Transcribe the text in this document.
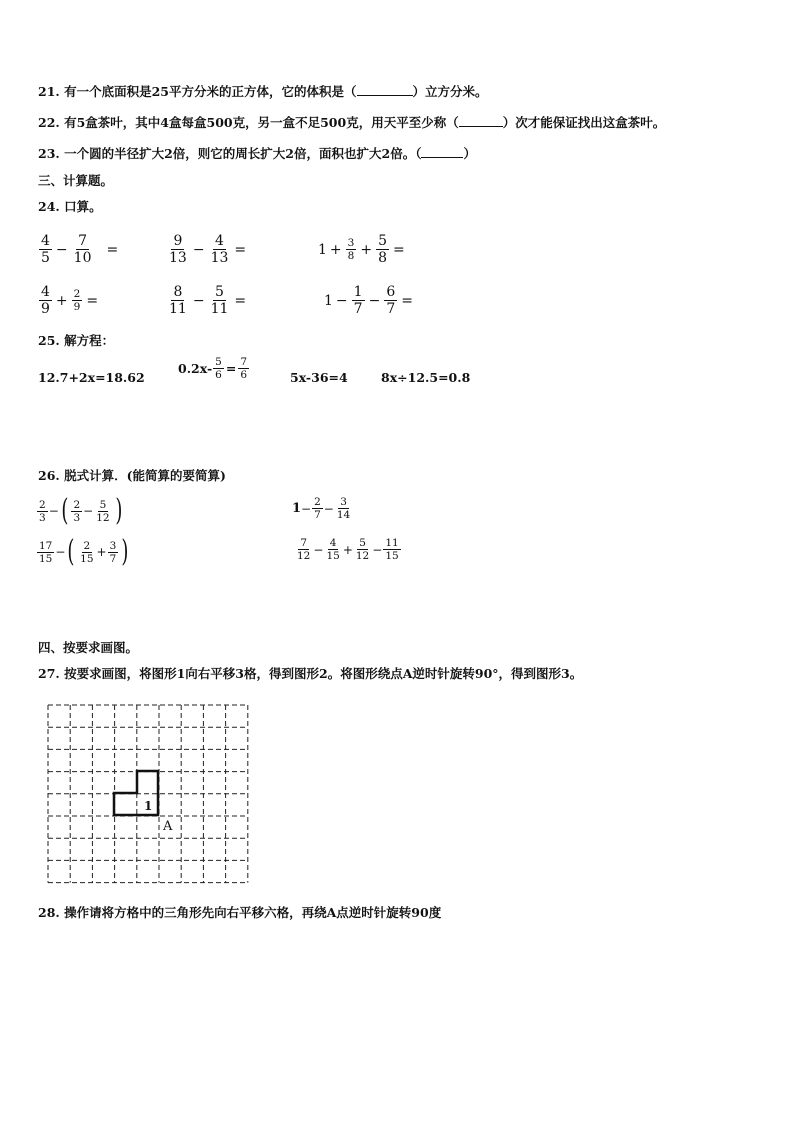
21. 有一个底面积是25平方分米的正方体，它的体积是（	）立方分米。
22. 有5盒茶叶，其中4盒每盒500克，另一盒不足500克，用天平至少称（	）次才能保证找出这盒茶叶。
23. 一个圆的半径扩大2倍，则它的周长扩大2倍，面积也扩大2倍。（	）
三、计算题。
24. 口算。
$\frac{4}{5} - \frac{7}{10}$ =	$\frac{9}{13} - \frac{4}{13}$ =	$1 + \frac{3}{8} + \frac{5}{8}$ =
$\frac{4}{9} + \frac{2}{9}$ =	$\frac{8}{11} - \frac{5}{11}$ =	$1 - \frac{1}{7} - \frac{6}{7}$ =
25. 解方程：
12.7+2x=18.62
$0.2x- \frac{5}{6} = \frac{7}{6}$	5x-36=4	8x÷12.5=0.8
26. 脱式计算．(能简算的要简算)
$\frac{2}{3}$ − ( $\frac{2}{3} - \frac{5}{12}$ )	$1 - \frac{2}{7} - \frac{3}{14}$
$\frac{17}{15}$ − ( $\frac{2}{15} + \frac{3}{7}$ )	$\frac{7}{12} - \frac{4}{15} + \frac{5}{12} - \frac{11}{15}$
四、按要求画图。
27. 按要求画图，将图形1向右平移3格，得到图形2。将图形绕点A逆时针旋转90°，得到图形3。
1
A
28. 操作请将方格中的三角形先向右平移六格，再绕A点逆时针旋转90度
